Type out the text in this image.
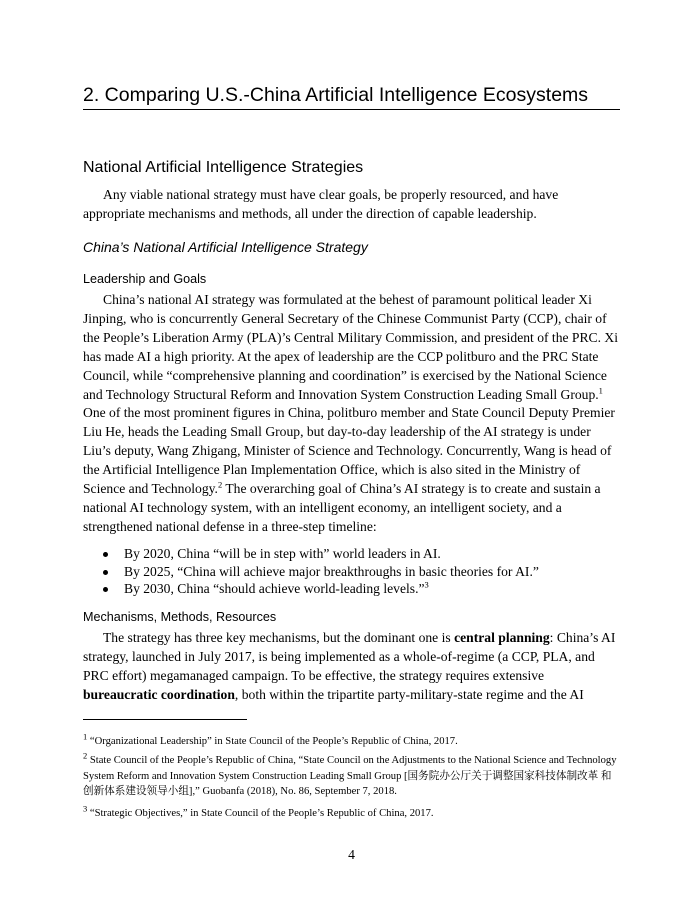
2. Comparing U.S.-China Artificial Intelligence Ecosystems
National Artificial Intelligence Strategies

Any viable national strategy must have clear goals, be properly resourced, and have appropriate mechanisms and methods, all under the direction of capable leadership.

China’s National Artificial Intelligence Strategy
Leadership and Goals

China’s national AI strategy was formulated at the behest of paramount political leader Xi Jinping, who is concurrently General Secretary of the Chinese Communist Party (CCP), chair of the People’s Liberation Army (PLA)’s Central Military Commission, and president of the PRC. Xi has made AI a high priority. At the apex of leadership are the CCP politburo and the PRC State Council, while “comprehensive planning and coordination” is exercised by the National Science and Technology Structural Reform and Innovation System Construction Leading Small Group.$^1$ One of the most prominent figures in China, politburo member and State Council Deputy Premier Liu He, heads the Leading Small Group, but day-to-day leadership of the AI strategy is under Liu’s deputy, Wang Zhigang, Minister of Science and Technology. Concurrently, Wang is head of the Artificial Intelligence Plan Implementation Office, which is also sited in the Ministry of Science and Technology.$^2$ The overarching goal of China’s AI strategy is to create and sustain a national AI technology system, with an intelligent economy, an intelligent society, and a strengthened national defense in a three-step timeline:

By 2020, China “will be in step with” world leaders in AI.
By 2025, “China will achieve major breakthroughs in basic theories for AI.”
By 2030, China “should achieve world-leading levels.”$^3$
Mechanisms, Methods, Resources

The strategy has three key mechanisms, but the dominant one is central planning: China’s AI strategy, launched in July 2017, is being implemented as a whole-of-regime (a CCP, PLA, and PRC effort) megamanaged campaign. To be effective, the strategy requires extensive bureaucratic coordination, both within the tripartite party-military-state regime and the AI

$^1$ “Organizational Leadership” in State Council of the People’s Republic of China, 2017.

$^2$ State Council of the People’s Republic of China, “State Council on the Adjustments to the National Science and Technology System Reform and Innovation System Construction Leading Small Group [国务院办公厅关于调整国家科技体制改革 和创新体系建设领导小组],” Guobanfa (2018), No. 86, September 7, 2018.

$^3$ “Strategic Objectives,” in State Council of the People’s Republic of China, 2017.

4
